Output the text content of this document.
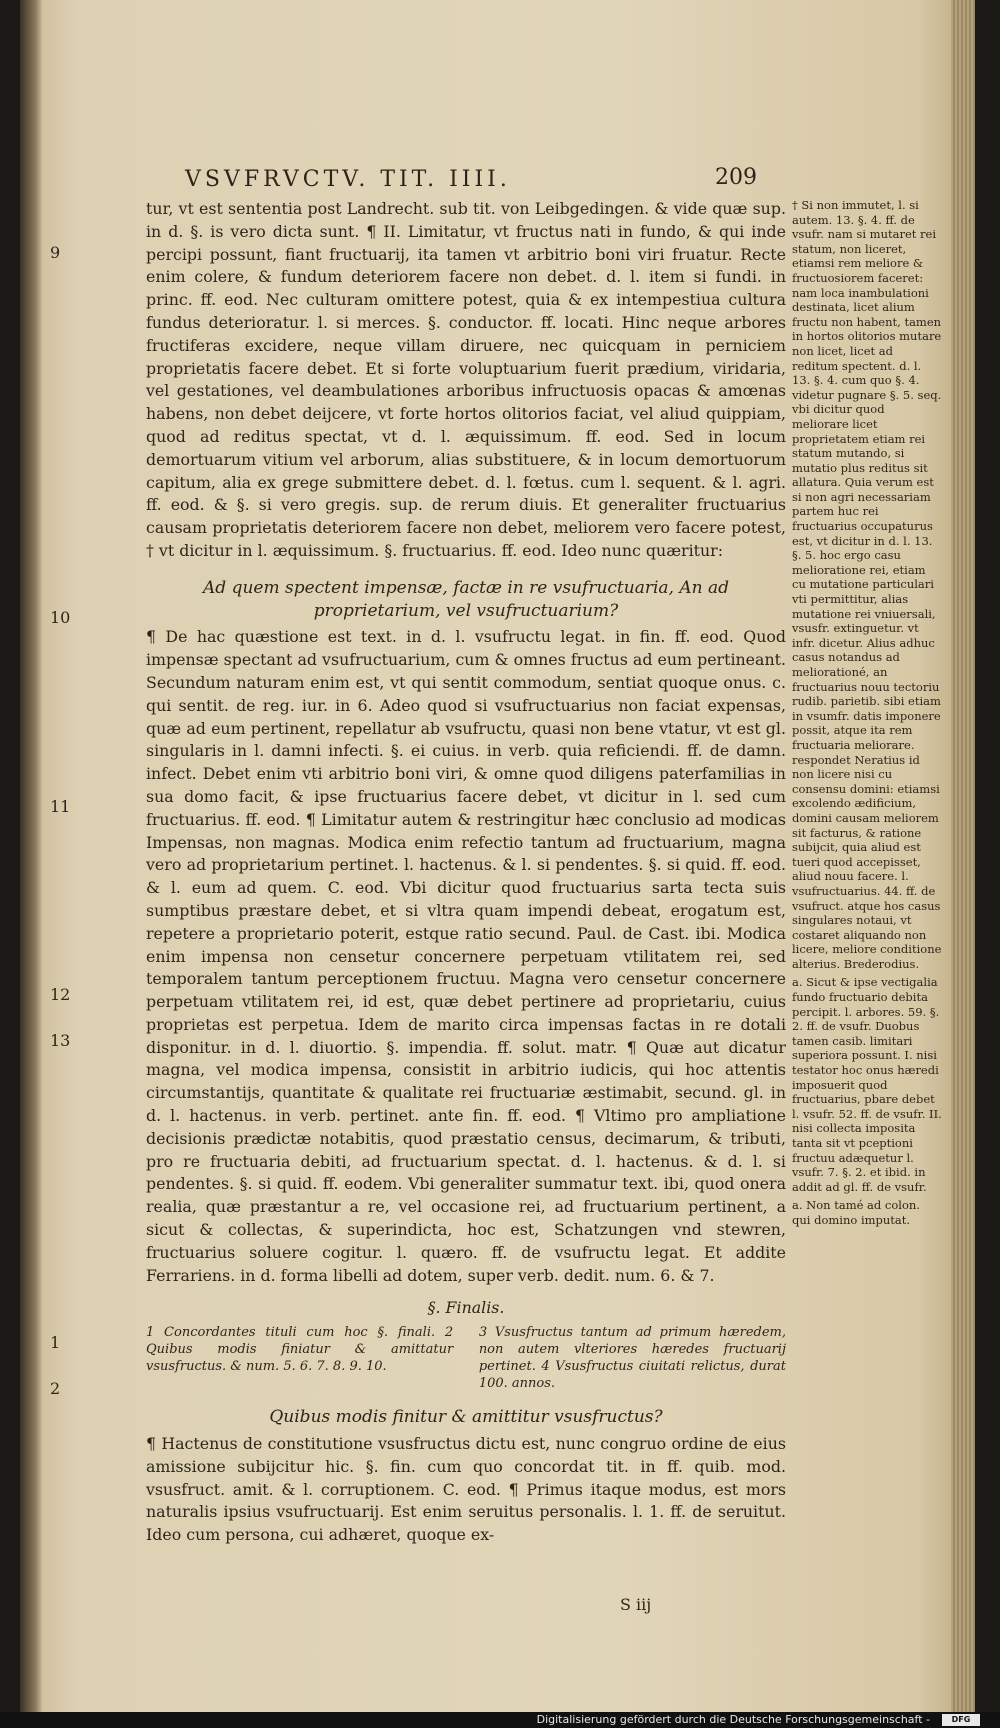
VSVFRVCTV. TIT. IIII.	209
9
10
11
12
13
1
2

tur, vt est sententia post Landrecht. sub tit. von Leibgedingen. & vide quæ sup. in d. §. is vero dicta sunt. ¶ II. Limitatur, vt fructus nati in fundo, & qui inde percipi possunt, fiant fructuarij, ita tamen vt arbitrio boni viri fruatur. Recte enim colere, & fundum deteriorem facere non debet. d. l. item si fundi. in princ. ff. eod. Nec culturam omittere potest, quia & ex intempestiua cultura fundus deterioratur. l. si merces. §. conductor. ff. locati. Hinc neque arbores fructiferas excidere, neque villam diruere, nec quicquam in perniciem proprietatis facere debet. Et si forte voluptuarium fuerit prædium, viridaria, vel gestationes, vel deambulationes arboribus infructuosis opacas & amœnas habens, non debet deijcere, vt forte hortos olitorios faciat, vel aliud quippiam, quod ad reditus spectat, vt d. l. æquissimum. ff. eod. Sed in locum demortuarum vitium vel arborum, alias substituere, & in locum demortuorum capitum, alia ex grege submittere debet. d. l. fœtus. cum l. sequent. & l. agri. ff. eod. & §. si vero gregis. sup. de rerum diuis. Et generaliter fructuarius causam proprietatis deteriorem facere non debet, meliorem vero facere potest, † vt dicitur in l. æquissimum. §. fructuarius. ff. eod. Ideo nunc quæritur:

Ad quem spectent impensæ, factæ in re vsufructuaria, An ad proprietarium, vel vsufructuarium?

¶ De hac quæstione est text. in d. l. vsufructu legat. in fin. ff. eod. Quod impensæ spectant ad vsufructuarium, cum & omnes fructus ad eum pertineant. Secundum naturam enim est, vt qui sentit commodum, sentiat quoque onus. c. qui sentit. de reg. iur. in 6. Adeo quod si vsufructuarius non faciat expensas, quæ ad eum pertinent, repellatur ab vsufructu, quasi non bene vtatur, vt est gl. singularis in l. damni infecti. §. ei cuius. in verb. quia reficiendi. ff. de damn. infect. Debet enim vti arbitrio boni viri, & omne quod diligens paterfamilias in sua domo facit, & ipse fructuarius facere debet, vt dicitur in l. sed cum fructuarius. ff. eod. ¶ Limitatur autem & restringitur hæc conclusio ad modicas Impensas, non magnas. Modica enim refectio tantum ad fructuarium, magna vero ad proprietarium pertinet. l. hactenus. & l. si pendentes. §. si quid. ff. eod. & l. eum ad quem. C. eod. Vbi dicitur quod fructuarius sarta tecta suis sumptibus præstare debet, et si vltra quam impendi debeat, erogatum est, repetere a proprietario poterit, estque ratio secund. Paul. de Cast. ibi. Modica enim impensa non censetur concernere perpetuam vtilitatem rei, sed temporalem tantum perceptionem fructuu. Magna vero censetur concernere perpetuam vtilitatem rei, id est, quæ debet pertinere ad proprietariu, cuius proprietas est perpetua. Idem de marito circa impensas factas in re dotali disponitur. in d. l. diuortio. §. impendia. ff. solut. matr. ¶ Quæ aut dicatur magna, vel modica impensa, consistit in arbitrio iudicis, qui hoc attentis circumstantijs, quantitate & qualitate rei fructuariæ æstimabit, secund. gl. in d. l. hactenus. in verb. pertinet. ante fin. ff. eod. ¶ Vltimo pro ampliatione decisionis prædictæ notabitis, quod præstatio census, decimarum, & tributi, pro re fructuaria debiti, ad fructuarium spectat. d. l. hactenus. & d. l. si pendentes. §. si quid. ff. eodem. Vbi generaliter summatur text. ibi, quod onera realia, quæ præstantur a re, vel occasione rei, ad fructuarium pertinent, a sicut & collectas, & superindicta, hoc est, Schatzungen vnd stewren, fructuarius soluere cogitur. l. quæro. ff. de vsufructu legat. Et addite Ferrariens. in d. forma libelli ad dotem, super verb. dedit. num. 6. & 7.

§. Finalis.

1 Concordantes tituli cum hoc §. finali. 2 Quibus modis finiatur & amittatur vsusfructus. & num. 5. 6. 7. 8. 9. 10.
3 Vsusfructus tantum ad primum hæredem, non autem vlteriores hæredes fructuarij pertinet. 4 Vsusfructus ciuitati relictus, durat 100. annos.

Quibus modis finitur & amittitur vsusfructus?

¶ Hactenus de constitutione vsusfructus dictu est, nunc congruo ordine de eius amissione subijcitur hic. §. fin. cum quo concordat tit. in ff. quib. mod. vsusfruct. amit. & l. corruptionem. C. eod. ¶ Primus itaque modus, est mors naturalis ipsius vsufructuarij. Est enim seruitus personalis. l. 1. ff. de seruitut. Ideo cum persona, cui adhæret, quoque ex-

S iij

† Si non immutet, l. si autem. 13. §. 4. ff. de vsufr. nam si mutaret rei statum, non liceret, etiamsi rem meliore & fructuosiorem faceret: nam loca inambulationi destinata, licet alium fructu non habent, tamen in hortos olitorios mutare non licet, licet ad reditum spectent. d. l. 13. §. 4. cum quo §. 4. videtur pugnare §. 5. seq. vbi dicitur quod meliorare licet proprietatem etiam rei statum mutando, si mutatio plus reditus sit allatura. Quia verum est si non agri necessariam partem huc rei fructuarius occupaturus est, vt dicitur in d. l. 13. §. 5. hoc ergo casu melioratione rei, etiam cu mutatione particulari vti permittitur, alias mutatione rei vniuersali, vsusfr. extinguetur. vt infr. dicetur. Alius adhuc casus notandus ad meliorationé, an fructuarius nouu tectoriu rudib. parietib. sibi etiam in vsumfr. datis imponere possit, atque ita rem fructuaria meliorare. respondet Neratius id non licere nisi cu consensu domini: etiamsi excolendo ædificium, domini causam meliorem sit facturus, & ratione subijcit, quia aliud est tueri quod accepisset, aliud nouu facere. l. vsufructuarius. 44. ff. de vsufruct. atque hos casus singulares notaui, vt costaret aliquando non licere, meliore conditione alterius. Brederodius.

a. Sicut & ipse vectigalia fundo fructuario debita percipit. l. arbores. 59. §. 2. ff. de vsufr. Duobus tamen casib. limitari superiora possunt. I. nisi testator hoc onus hæredi imposuerit quod fructuarius, pbare debet l. vsufr. 52. ff. de vsufr. II. nisi collecta imposita tanta sit vt pceptioni fructuu adæquetur l. vsufr. 7. §. 2. et ibid. in addit ad gl. ff. de vsufr.

a. Non tamé ad colon. qui domino imputat.

Digitalisierung gefördert durch die Deutsche Forschungsgemeinschaft -	DFG
